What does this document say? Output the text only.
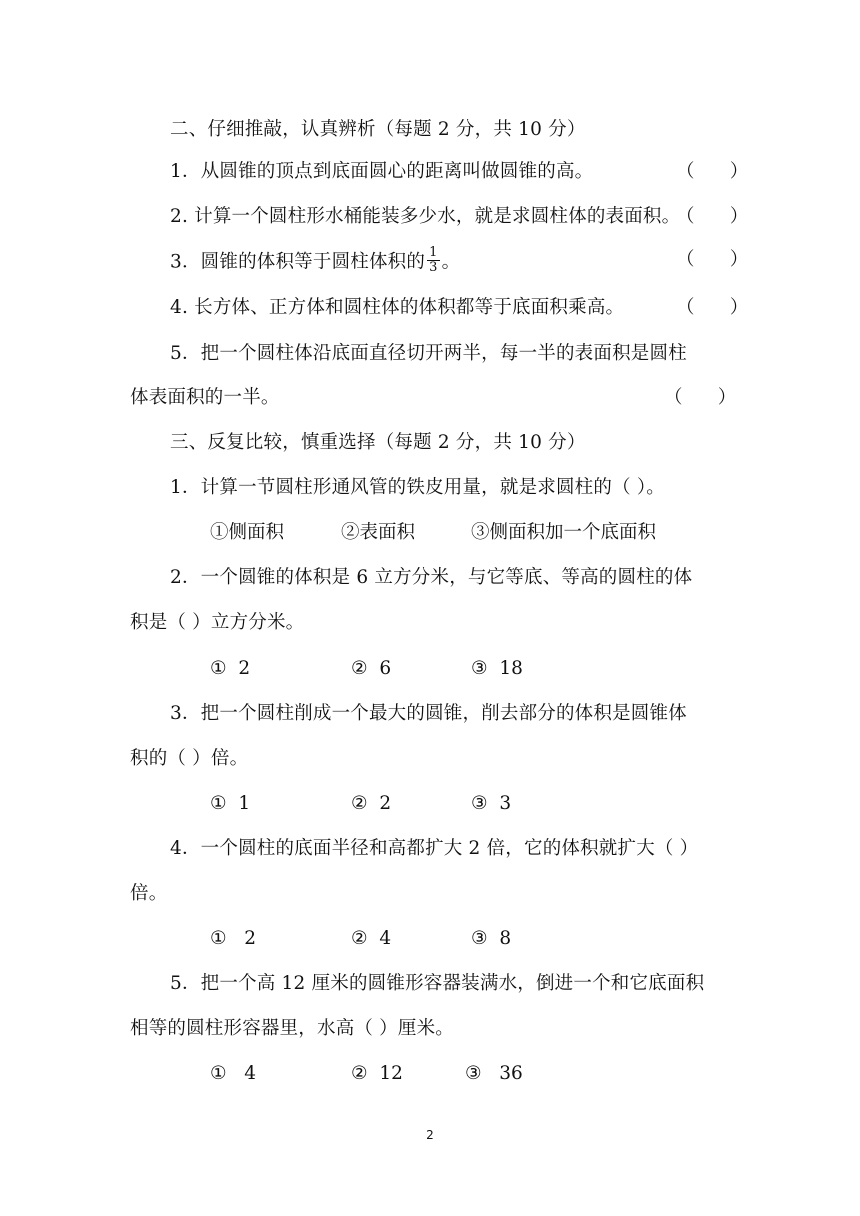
二、仔细推敲，认真辨析（每题 2 分，共 10 分）
1．从圆锥的顶点到底面圆心的距离叫做圆锥的高。	（      ）
2. 计算一个圆柱形水桶能装多少水，就是求圆柱体的表面积。
（      ）
3．圆锥的体积等于圆柱体积的 $\frac{1}{3}$ 。	（      ）
4. 长方体、正方体和圆柱体的体积都等于底面积乘高。	（      ）
5．把一个圆柱体沿底面直径切开两半，每一半的表面积是圆柱
体表面积的一半。	（      ）
三、反复比较，慎重选择（每题 2 分，共 10 分）
1．计算一节圆柱形通风管的铁皮用量，就是求圆柱的（ ）。
①侧面积	②表面积	③侧面积加一个底面积
2．一个圆锥的体积是 6 立方分米，与它等底、等高的圆柱的体
积是（ ）立方分米。
①  2	②  6	③  18
3．把一个圆柱削成一个最大的圆锥，削去部分的体积是圆锥体
积的（ ）倍。
①  1	②  2	③  3
4．一个圆柱的底面半径和高都扩大 2 倍，它的体积就扩大（ ）
倍。
①   2	②  4	③  8
5．把一个高 12 厘米的圆锥形容器装满水，倒进一个和它底面积
相等的圆柱形容器里，水高（ ）厘米。
①   4	②  12	③   36
2
